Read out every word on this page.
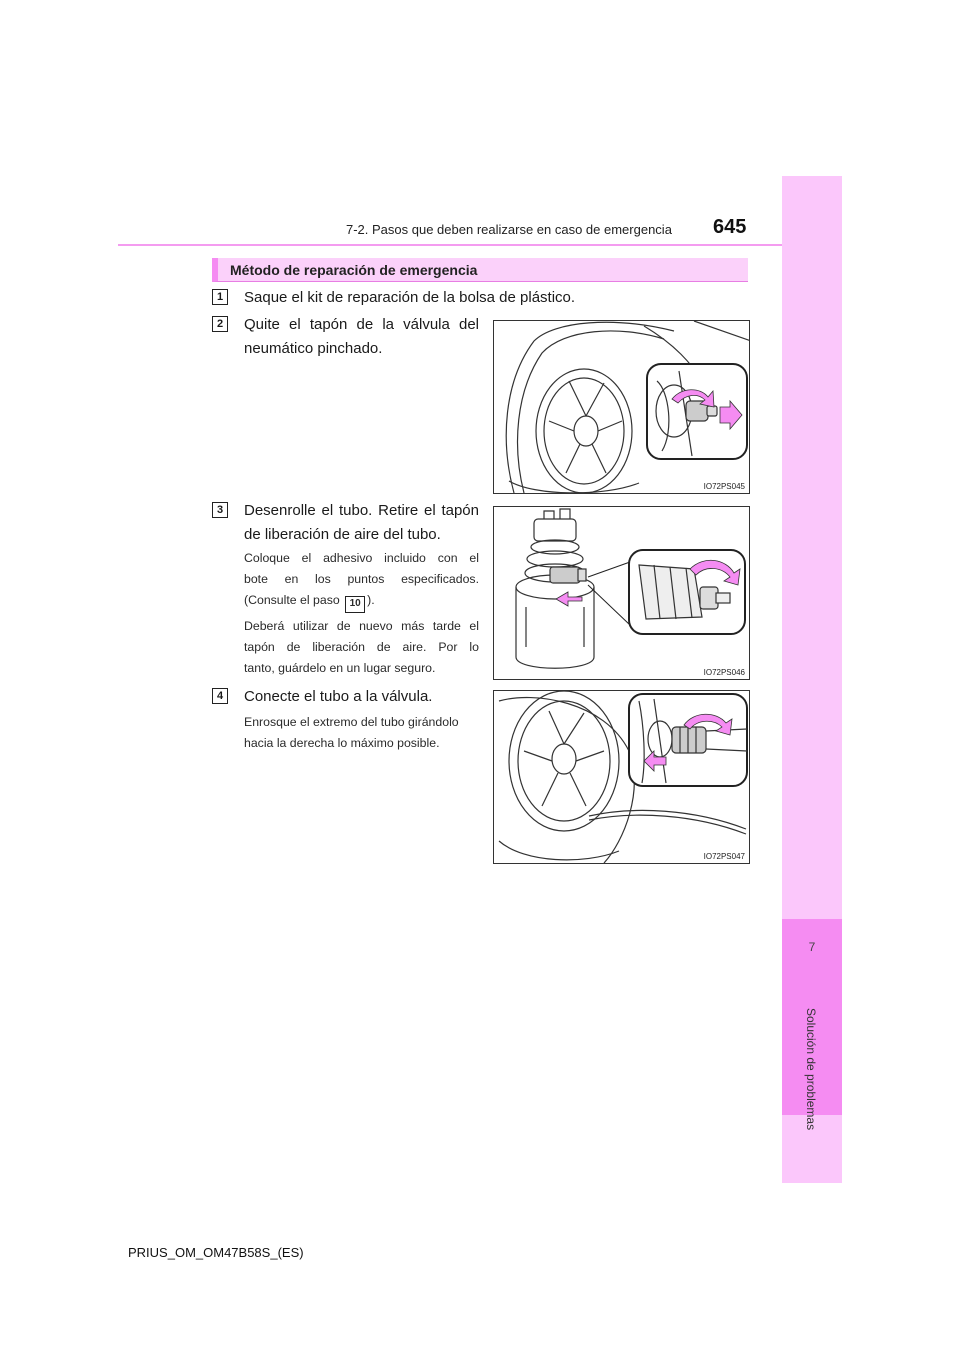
7-2. Pasos que deben realizarse en caso de emergencia 645
7
Solución de problemas
Método de reparación de emergencia
1	Saque el kit de reparación de la bolsa de plástico.
2	Quite el tapón de la válvula del
neumático pinchado.
IO72PS045
3	Desenrolle el tubo. Retire el tapón
de liberación de aire del tubo.
Coloque el adhesivo incluido con el
bote en los puntos especificados.
(Consulte el paso 10 ).
Deberá utilizar de nuevo más tarde el
tapón de liberación de aire. Por lo
tanto, guárdelo en un lugar seguro.	IO72PS046
4	Conecte el tubo a la válvula.
Enrosque el extremo del tubo girándolo
hacia la derecha lo máximo posible.
IO72PS047
PRIUS_OM_OM47B58S_(ES)
